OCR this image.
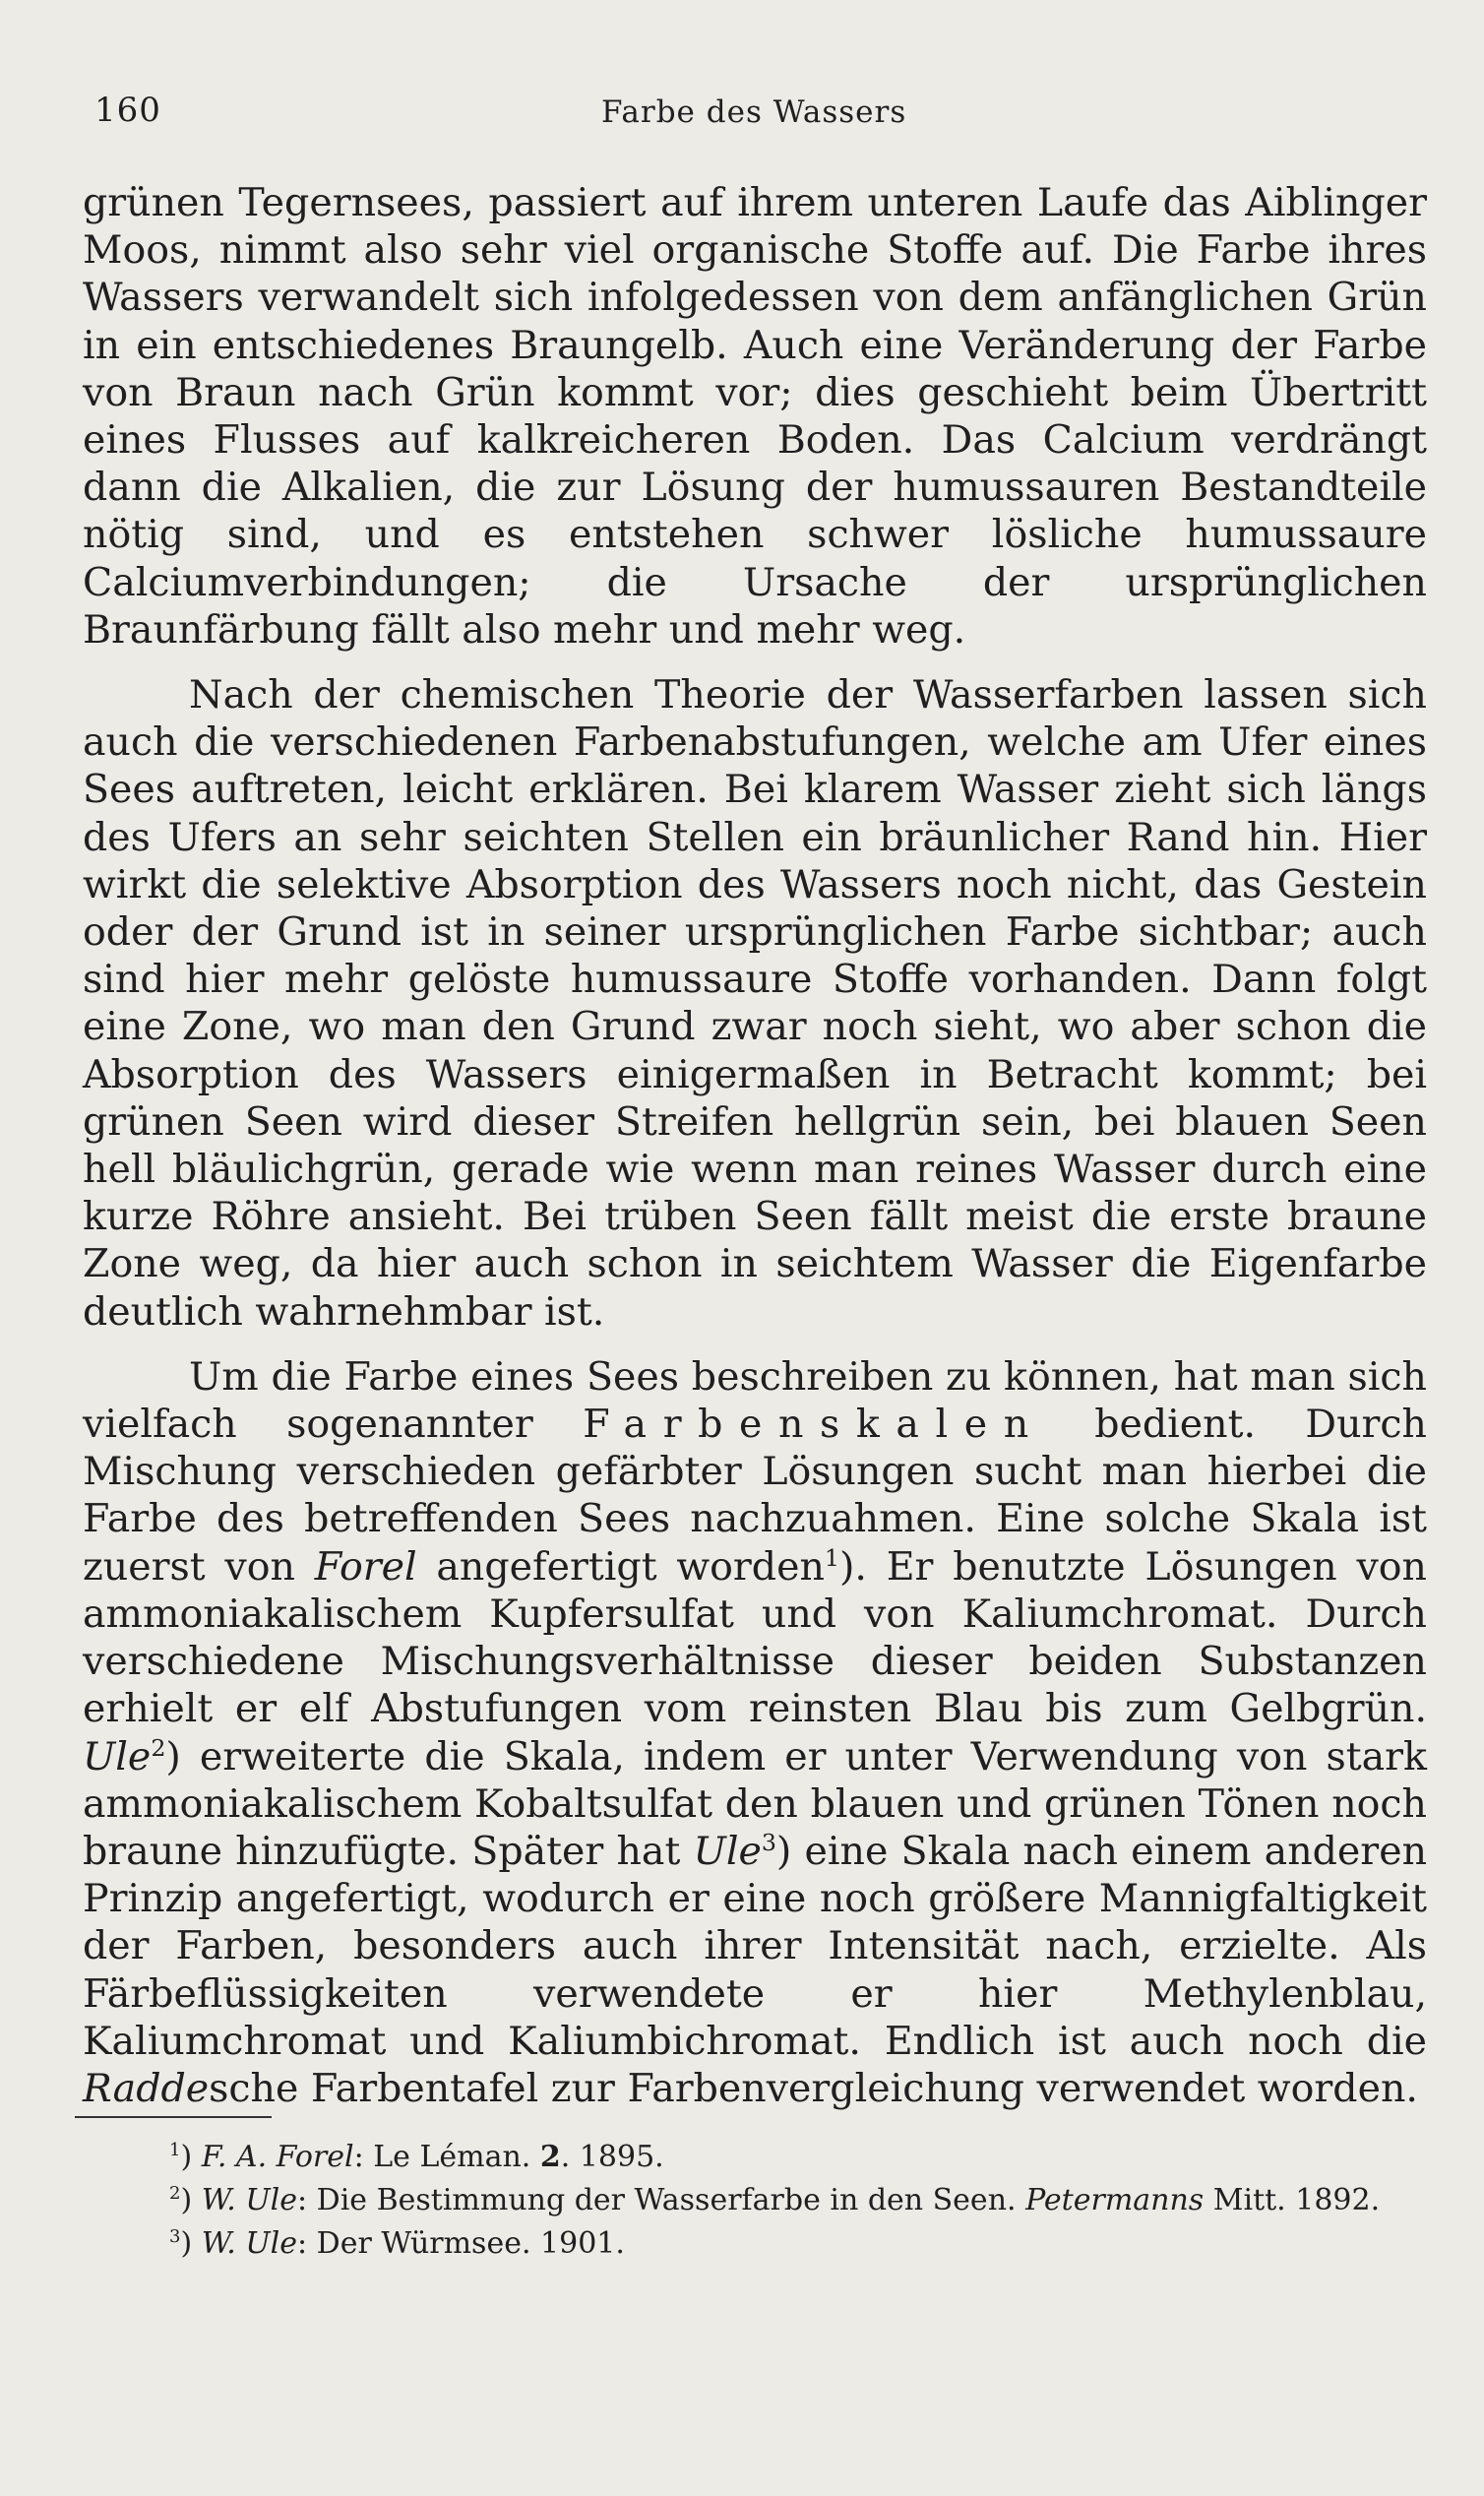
160	Farbe des Wassers

grünen Tegernsees, passiert auf ihrem unteren Laufe das Aiblinger Moos, nimmt also sehr viel organische Stoffe auf. Die Farbe ihres Wassers verwandelt sich infolgedessen von dem anfänglichen Grün in ein entschiedenes Braungelb. Auch eine Veränderung der Farbe von Braun nach Grün kommt vor; dies geschieht beim Übertritt eines Flusses auf kalkreicheren Boden. Das Calcium verdrängt dann die Alkalien, die zur Lösung der humussauren Bestandteile nötig sind, und es entstehen schwer lösliche humussaure Calciumverbindungen; die Ursache der ursprünglichen Braunfärbung fällt also mehr und mehr weg.

Nach der chemischen Theorie der Wasserfarben lassen sich auch die verschiedenen Farbenabstufungen, welche am Ufer eines Sees auftreten, leicht erklären. Bei klarem Wasser zieht sich längs des Ufers an sehr seichten Stellen ein bräunlicher Rand hin. Hier wirkt die selektive Absorption des Wassers noch nicht, das Gestein oder der Grund ist in seiner ursprünglichen Farbe sichtbar; auch sind hier mehr gelöste humussaure Stoffe vorhanden. Dann folgt eine Zone, wo man den Grund zwar noch sieht, wo aber schon die Absorption des Wassers einigermaßen in Betracht kommt; bei grünen Seen wird dieser Streifen hellgrün sein, bei blauen Seen hell bläulichgrün, gerade wie wenn man reines Wasser durch eine kurze Röhre ansieht. Bei trüben Seen fällt meist die erste braune Zone weg, da hier auch schon in seichtem Wasser die Eigenfarbe deutlich wahrnehmbar ist.

Um die Farbe eines Sees beschreiben zu können, hat man sich vielfach sogenannter Farbenskalen bedient. Durch Mischung verschieden gefärbter Lösungen sucht man hierbei die Farbe des betreffenden Sees nachzuahmen. Eine solche Skala ist zuerst von Forel angefertigt worden$^1$). Er benutzte Lösungen von ammoniakalischem Kupfersulfat und von Kaliumchromat. Durch verschiedene Mischungsverhältnisse dieser beiden Substanzen erhielt er elf Abstufungen vom reinsten Blau bis zum Gelbgrün. Ule$^2$) erweiterte die Skala, indem er unter Verwendung von stark ammoniakalischem Kobaltsulfat den blauen und grünen Tönen noch braune hinzufügte. Später hat Ule$^3$) eine Skala nach einem anderen Prinzip angefertigt, wodurch er eine noch größere Mannigfaltigkeit der Farben, besonders auch ihrer Intensität nach, erzielte. Als Färbeflüssigkeiten verwendete er hier Methylenblau, Kaliumchromat und Kaliumbichromat. Endlich ist auch noch die Raddesche Farbentafel zur Farbenvergleichung verwendet worden.

$^1$) F. A. Forel: Le Léman. 2. 1895.

$^2$) W. Ule: Die Bestimmung der Wasserfarbe in den Seen. Petermanns Mitt. 1892.

$^3$) W. Ule: Der Würmsee. 1901.
